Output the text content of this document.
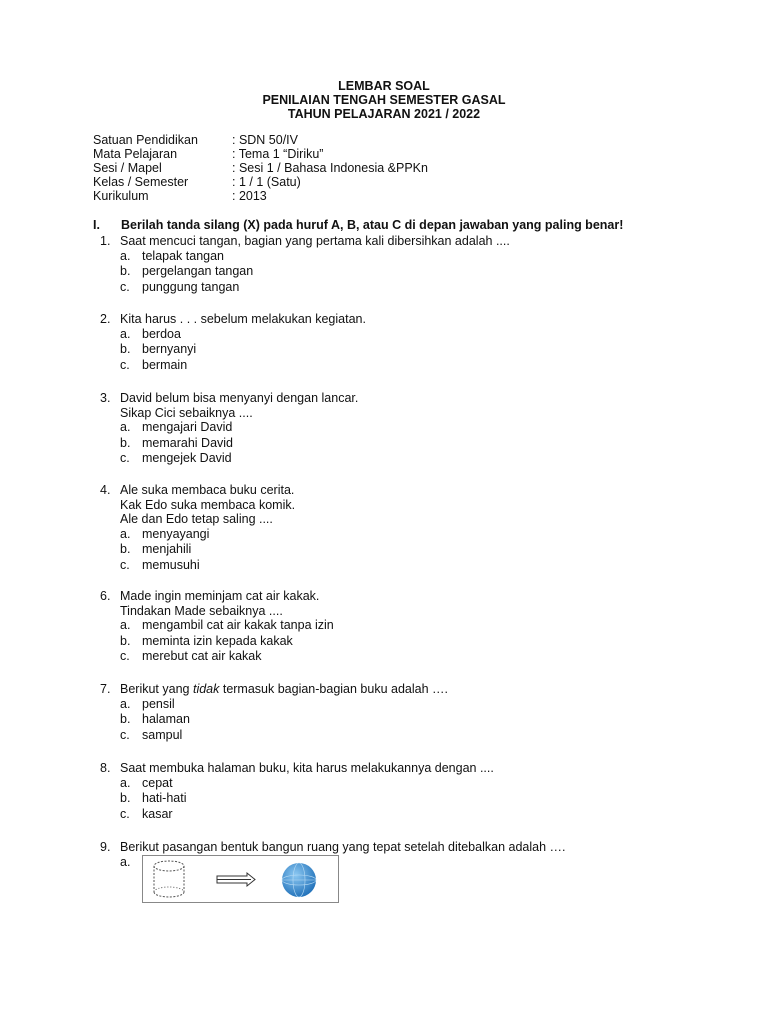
LEMBAR SOAL
PENILAIAN TENGAH SEMESTER GASAL
TAHUN PELAJARAN 2021 / 2022
Satuan Pendidikan	: SDN 50/IV
Mata Pelajaran	: Tema 1 “Diriku”
Sesi / Mapel	: Sesi 1 / Bahasa Indonesia &PPKn
Kelas / Semester	: 1 / 1 (Satu)
Kurikulum	: 2013
I.	Berilah tanda silang (X) pada huruf A, B, atau C di depan jawaban yang paling benar!
1. Saat mencuci tangan, bagian yang pertama kali dibersihkan adalah ....
a. telapak tangan
b. pergelangan tangan
c. punggung tangan
2. Kita harus . . . sebelum melakukan kegiatan.
a. berdoa
b. bernyanyi
c. bermain
3. David belum bisa menyanyi dengan lancar.
Sikap Cici sebaiknya ....
a. mengajari David
b. memarahi David
c. mengejek David
4. Ale suka membaca buku cerita.
Kak Edo suka membaca komik.
Ale dan Edo tetap saling ....
a. menyayangi
b. menjahili
c. memusuhi
6. Made ingin meminjam cat air kakak.
Tindakan Made sebaiknya ....
a. mengambil cat air kakak tanpa izin
b. meminta izin kepada kakak
c. merebut cat air kakak
7. Berikut yang tidak termasuk bagian-bagian buku adalah ….
a. pensil
b. halaman
c. sampul
8. Saat membuka halaman buku, kita harus melakukannya dengan ....
a. cepat
b. hati-hati
c. kasar
9. Berikut pasangan bentuk bangun ruang yang tepat setelah ditebalkan adalah ….
a.
